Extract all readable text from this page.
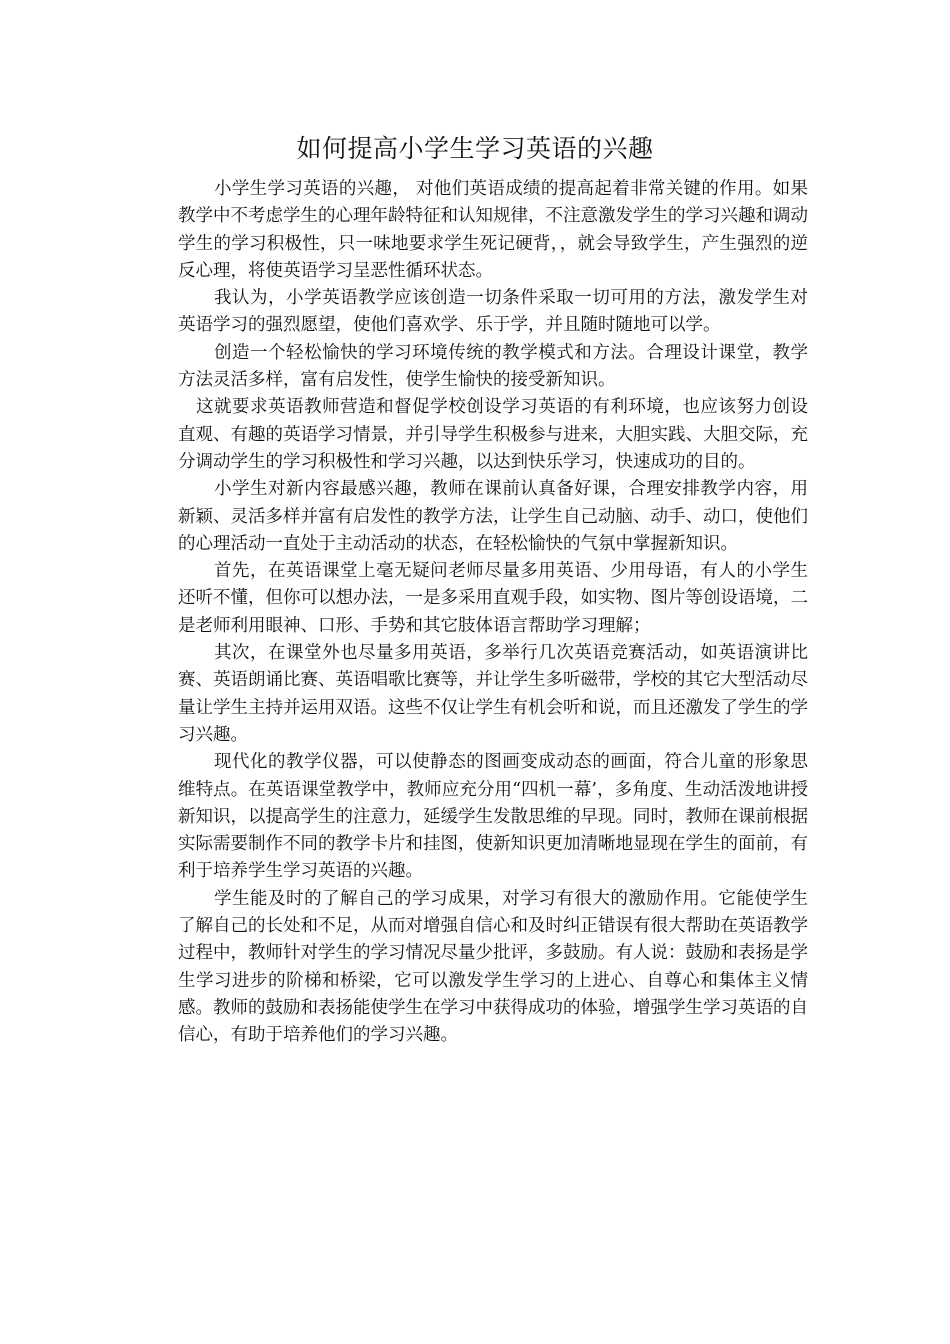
如何提高小学生学习英语的兴趣

小学生学习英语的兴趣， 对他们英语成绩的提高起着非常关键的作用。如果教学中不考虑学生的心理年龄特征和认知规律，不注意激发学生的学习兴趣和调动学生的学习积极性，只一味地要求学生死记硬背，，就会导致学生，产生强烈的逆反心理，将使英语学习呈恶性循环状态。

我认为，小学英语教学应该创造一切条件采取一切可用的方法，激发学生对英语学习的强烈愿望，使他们喜欢学、乐于学，并且随时随地可以学。

创造一个轻松愉快的学习环境传统的教学模式和方法。合理设计课堂，教学方法灵活多样，富有启发性，使学生愉快的接受新知识。

这就要求英语教师营造和督促学校创设学习英语的有利环境，也应该努力创设直观、有趣的英语学习情景，并引导学生积极参与进来，大胆实践、大胆交际，充分调动学生的学习积极性和学习兴趣，以达到快乐学习，快速成功的目的。

小学生对新内容最感兴趣，教师在课前认真备好课，合理安排教学内容，用新颖、灵活多样并富有启发性的教学方法，让学生自己动脑、动手、动口，使他们的心理活动一直处于主动活动的状态，在轻松愉快的气氛中掌握新知识。

首先，在英语课堂上毫无疑问老师尽量多用英语、少用母语，有人的小学生还听不懂，但你可以想办法，一是多采用直观手段，如实物、图片等创设语境，二是老师利用眼神、口形、手势和其它肢体语言帮助学习理解；

其次，在课堂外也尽量多用英语，多举行几次英语竞赛活动，如英语演讲比赛、英语朗诵比赛、英语唱歌比赛等，并让学生多听磁带，学校的其它大型活动尽量让学生主持并运用双语。这些不仅让学生有机会听和说，而且还激发了学生的学习兴趣。

现代化的教学仪器，可以使静态的图画变成动态的画面，符合儿童的形象思维特点。在英语课堂教学中，教师应充分用“四机一幕’，多角度、生动活泼地讲授新知识，以提高学生的注意力，延缓学生发散思维的早现。同时，教师在课前根据实际需要制作不同的教学卡片和挂图，使新知识更加清晰地显现在学生的面前，有利于培养学生学习英语的兴趣。

学生能及时的了解自己的学习成果，对学习有很大的激励作用。它能使学生了解自己的长处和不足，从而对增强自信心和及时纠正错误有很大帮助在英语教学过程中，教师针对学生的学习情况尽量少批评，多鼓励。有人说：鼓励和表扬是学生学习进步的阶梯和桥梁，它可以激发学生学习的上进心、自尊心和集体主义情感。教师的鼓励和表扬能使学生在学习中获得成功的体验，增强学生学习英语的自信心，有助于培养他们的学习兴趣。
